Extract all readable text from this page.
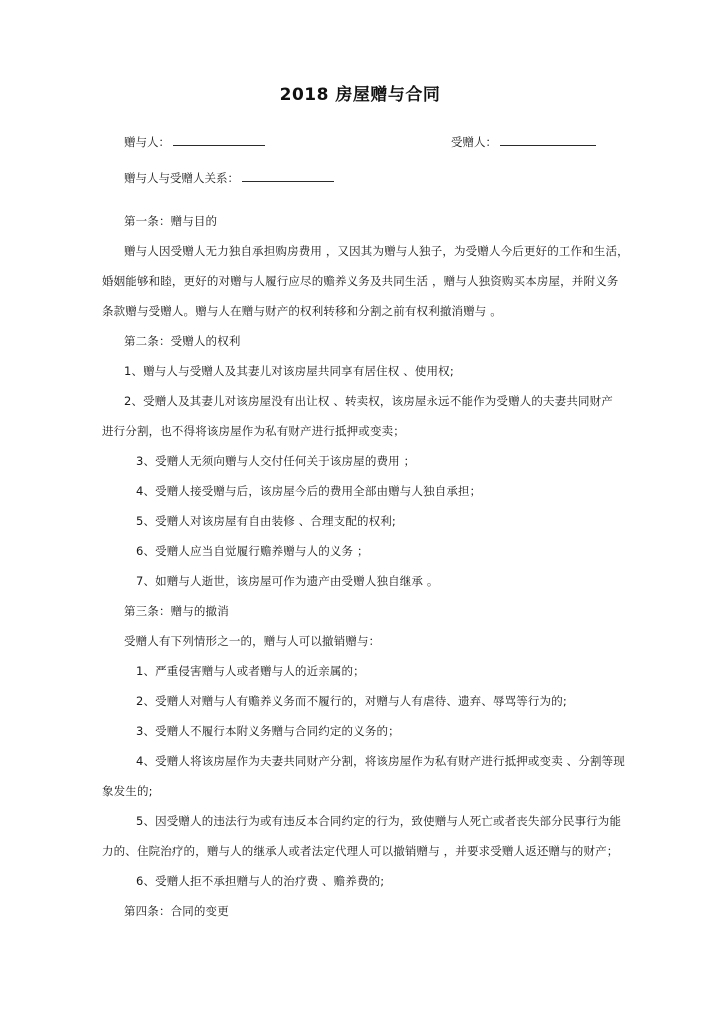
2018 房屋赠与合同
赠与人：	受赠人：
赠与人与受赠人关系：

第一条：赠与目的

赠与人因受赠人无力独自承担购房费用 ，又因其为赠与人独子，为受赠人今后更好的工作和生活，

婚姻能够和睦，更好的对赠与人履行应尽的赡养义务及共同生活 ，赠与人独资购买本房屋，并附义务

条款赠与受赠人。赠与人在赠与财产的权利转移和分割之前有权利撤消赠与 。

第二条：受赠人的权利

1、赠与人与受赠人及其妻儿对该房屋共同享有居住权 、使用权;

2、受赠人及其妻儿对该房屋没有出让权 、转卖权，该房屋永远不能作为受赠人的夫妻共同财产

进行分割，也不得将该房屋作为私有财产进行抵押或变卖；

3、受赠人无须向赠与人交付任何关于该房屋的费用 ；

4、受赠人接受赠与后，该房屋今后的费用全部由赠与人独自承担；

5、受赠人对该房屋有自由装修 、合理支配的权利;

6、受赠人应当自觉履行赡养赠与人的义务 ；

7、如赠与人逝世，该房屋可作为遗产由受赠人独自继承 。

第三条：赠与的撤消

受赠人有下列情形之一的，赠与人可以撤销赠与：

1、严重侵害赠与人或者赠与人的近亲属的；

2、受赠人对赠与人有赡养义务而不履行的，对赠与人有虐待、遗弃、辱骂等行为的;

3、受赠人不履行本附义务赠与合同约定的义务的；

4、受赠人将该房屋作为夫妻共同财产分割，将该房屋作为私有财产进行抵押或变卖 、分割等现

象发生的;

5、因受赠人的违法行为或有违反本合同约定的行为，致使赠与人死亡或者丧失部分民事行为能

力的、住院治疗的，赠与人的继承人或者法定代理人可以撤销赠与 ，并要求受赠人返还赠与的财产；

6、受赠人拒不承担赠与人的治疗费 、赡养费的;

第四条：合同的变更
